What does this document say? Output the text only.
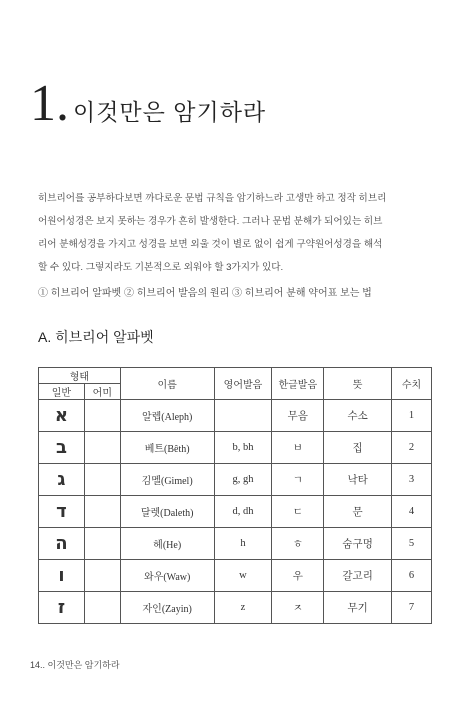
1. 이것만은 암기하라

히브리어를 공부하다보면 까다로운 문법 규칙을 암기하느라 고생만 하고 정작 히브리

어원어성경은 보지 못하는 경우가 흔히 발생한다. 그러나 문법 분해가 되어있는 히브

리어 분해성경을 가지고 성경을 보면 외울 것이 별로 없이 쉽게 구약원어성경을 해석

할 수 있다. 그렇지라도 기본적으로 외워야 할 3가지가 있다.

① 히브리어 알파벳 ② 히브리어 발음의 원리 ③ 히브리어 분해 약어표 보는 법
A. 히브리어 알파벳
형태		이름	영어발음	한글발음	뜻	수치
일반	어미					
א		알렙(Aleph)		무음	수소	1
ב		베트(Bêth)	b, bh	ㅂ	집	2
ג		김멜(Gimel)	g, gh	ㄱ	낙타	3
ד		달렛(Daleth)	d, dh	ㄷ	문	4
ה		헤(He)	h	ㅎ	숨구멍	5
ו		와우(Waw)	w	우	갈고리	6
ז		자인(Zayin)	z	ㅈ	무기	7
14.. 이것만은 암기하라
